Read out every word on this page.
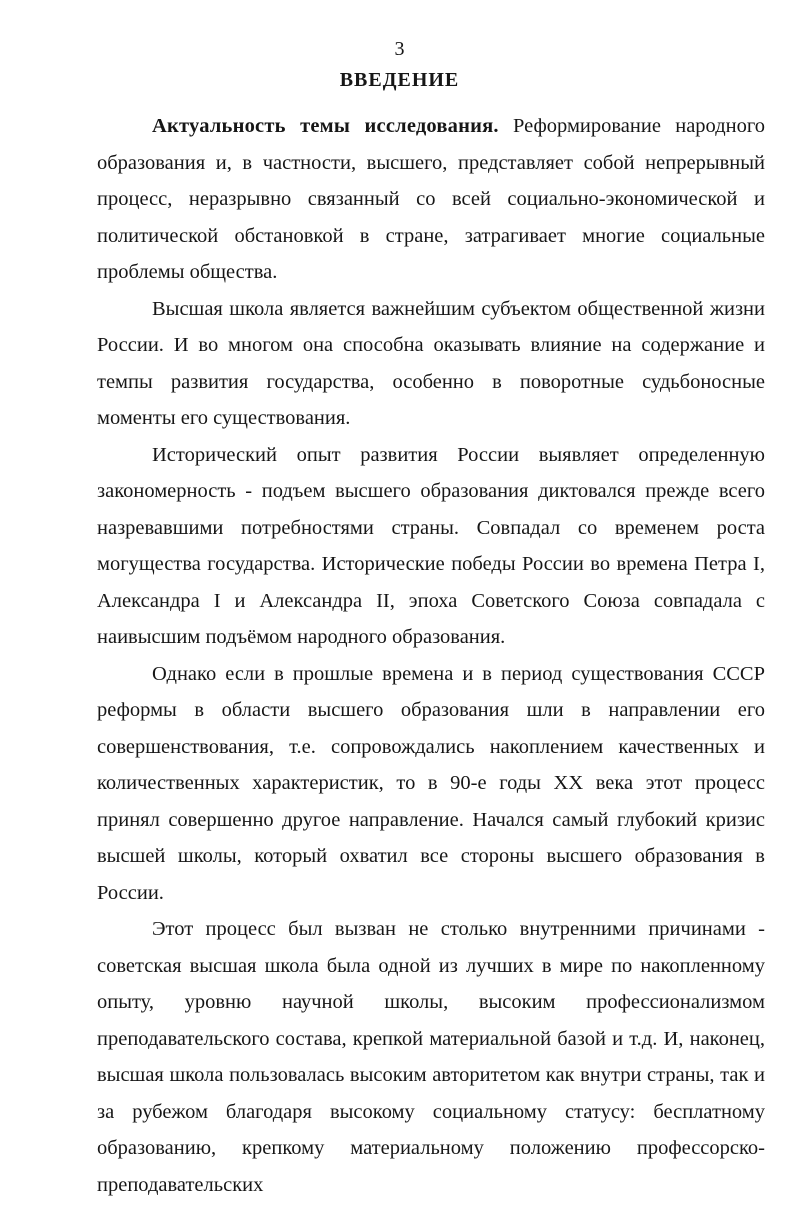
3
ВВЕДЕНИЕ

Актуальность темы исследования. Реформирование народного образования и, в частности, высшего, представляет собой непрерывный процесс, неразрывно связанный со всей социально-экономической и политической обстановкой в стране, затрагивает многие социальные проблемы общества.

Высшая школа является важнейшим субъектом общественной жизни России. И во многом она способна оказывать влияние на содержание и темпы развития государства, особенно в поворотные судьбоносные моменты его существования.

Исторический опыт развития России выявляет определенную закономерность - подъем высшего образования диктовался прежде всего назревавшими потребностями страны. Совпадал со временем роста могущества государства. Исторические победы России во времена Петра I, Александра I и Александра II, эпоха Советского Союза совпадала с наивысшим подъёмом народного образования.

Однако если в прошлые времена и в период существования СССР реформы в области высшего образования шли в направлении его совершенствования, т.е. сопровождались накоплением качественных и количественных характеристик, то в 90-е годы XX века этот процесс принял совершенно другое направление. Начался самый глубокий кризис высшей школы, который охватил все стороны высшего образования в России.

Этот процесс был вызван не столько внутренними причинами - советская высшая школа была одной из лучших в мире по накопленному опыту, уровню научной школы, высоким профессионализмом преподавательского состава, крепкой материальной базой и т.д. И, наконец, высшая школа пользовалась высоким авторитетом как внутри страны, так и за рубежом благодаря высокому социальному статусу: бесплатному образованию, крепкому материальному положению профессорско-преподавательских
